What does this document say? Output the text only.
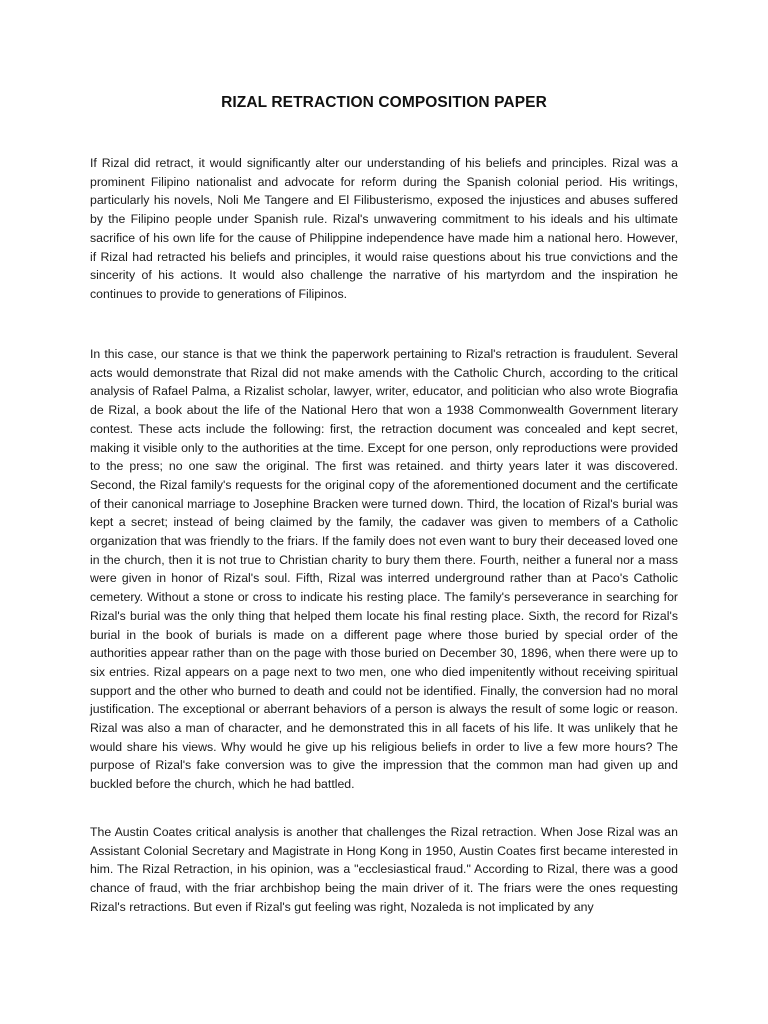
RIZAL RETRACTION COMPOSITION PAPER

If Rizal did retract, it would significantly alter our understanding of his beliefs and principles. Rizal was a prominent Filipino nationalist and advocate for reform during the Spanish colonial period. His writings, particularly his novels, Noli Me Tangere and El Filibusterismo, exposed the injustices and abuses suffered by the Filipino people under Spanish rule. Rizal's unwavering commitment to his ideals and his ultimate sacrifice of his own life for the cause of Philippine independence have made him a national hero. However, if Rizal had retracted his beliefs and principles, it would raise questions about his true convictions and the sincerity of his actions. It would also challenge the narrative of his martyrdom and the inspiration he continues to provide to generations of Filipinos.

In this case, our stance is that we think the paperwork pertaining to Rizal's retraction is fraudulent. Several acts would demonstrate that Rizal did not make amends with the Catholic Church, according to the critical analysis of Rafael Palma, a Rizalist scholar, lawyer, writer, educator, and politician who also wrote Biografia de Rizal, a book about the life of the National Hero that won a 1938 Commonwealth Government literary contest. These acts include the following: first, the retraction document was concealed and kept secret, making it visible only to the authorities at the time. Except for one person, only reproductions were provided to the press; no one saw the original. The first was retained. and thirty years later it was discovered. Second, the Rizal family's requests for the original copy of the aforementioned document and the certificate of their canonical marriage to Josephine Bracken were turned down. Third, the location of Rizal's burial was kept a secret; instead of being claimed by the family, the cadaver was given to members of a Catholic organization that was friendly to the friars. If the family does not even want to bury their deceased loved one in the church, then it is not true to Christian charity to bury them there. Fourth, neither a funeral nor a mass were given in honor of Rizal's soul. Fifth, Rizal was interred underground rather than at Paco's Catholic cemetery. Without a stone or cross to indicate his resting place. The family's perseverance in searching for Rizal's burial was the only thing that helped them locate his final resting place. Sixth, the record for Rizal's burial in the book of burials is made on a different page where those buried by special order of the authorities appear rather than on the page with those buried on December 30, 1896, when there were up to six entries. Rizal appears on a page next to two men, one who died impenitently without receiving spiritual support and the other who burned to death and could not be identified. Finally, the conversion had no moral justification. The exceptional or aberrant behaviors of a person is always the result of some logic or reason. Rizal was also a man of character, and he demonstrated this in all facets of his life. It was unlikely that he would share his views. Why would he give up his religious beliefs in order to live a few more hours? The purpose of Rizal's fake conversion was to give the impression that the common man had given up and buckled before the church, which he had battled.

The Austin Coates critical analysis is another that challenges the Rizal retraction. When Jose Rizal was an Assistant Colonial Secretary and Magistrate in Hong Kong in 1950, Austin Coates first became interested in him. The Rizal Retraction, in his opinion, was a "ecclesiastical fraud." According to Rizal, there was a good chance of fraud, with the friar archbishop being the main driver of it. The friars were the ones requesting Rizal's retractions. But even if Rizal's gut feeling was right, Nozaleda is not implicated by any
